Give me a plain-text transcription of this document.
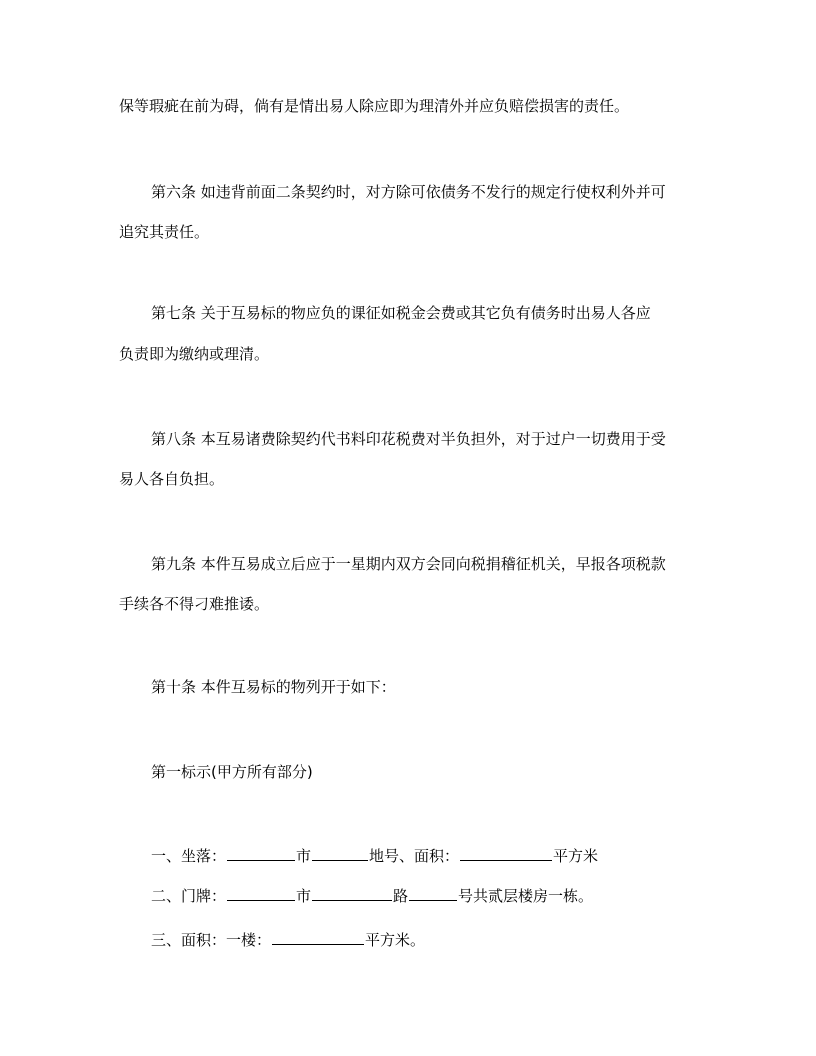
保等瑕疵在前为碍，倘有是情出易人除应即为理清外并应负赔偿损害的责任。
第六条 如违背前面二条契约时，对方除可依债务不发行的规定行使权利外并可
追究其责任。
第七条 关于互易标的物应负的课征如税金会费或其它负有债务时出易人各应
负责即为缴纳或理清。
第八条 本互易诸费除契约代书料印花税费对半负担外，对于过户一切费用于受
易人各自负担。
第九条 本件互易成立后应于一星期内双方会同向税捐稽征机关，早报各项税款
手续各不得刁难推诿。
第十条 本件互易标的物列开于如下：
第一标示(甲方所有部分)
一、坐落：	市	地号、面积：	平方米
二、门牌：	市	路	号共贰层楼房一栋。
三、面积：一楼：	平方米。
